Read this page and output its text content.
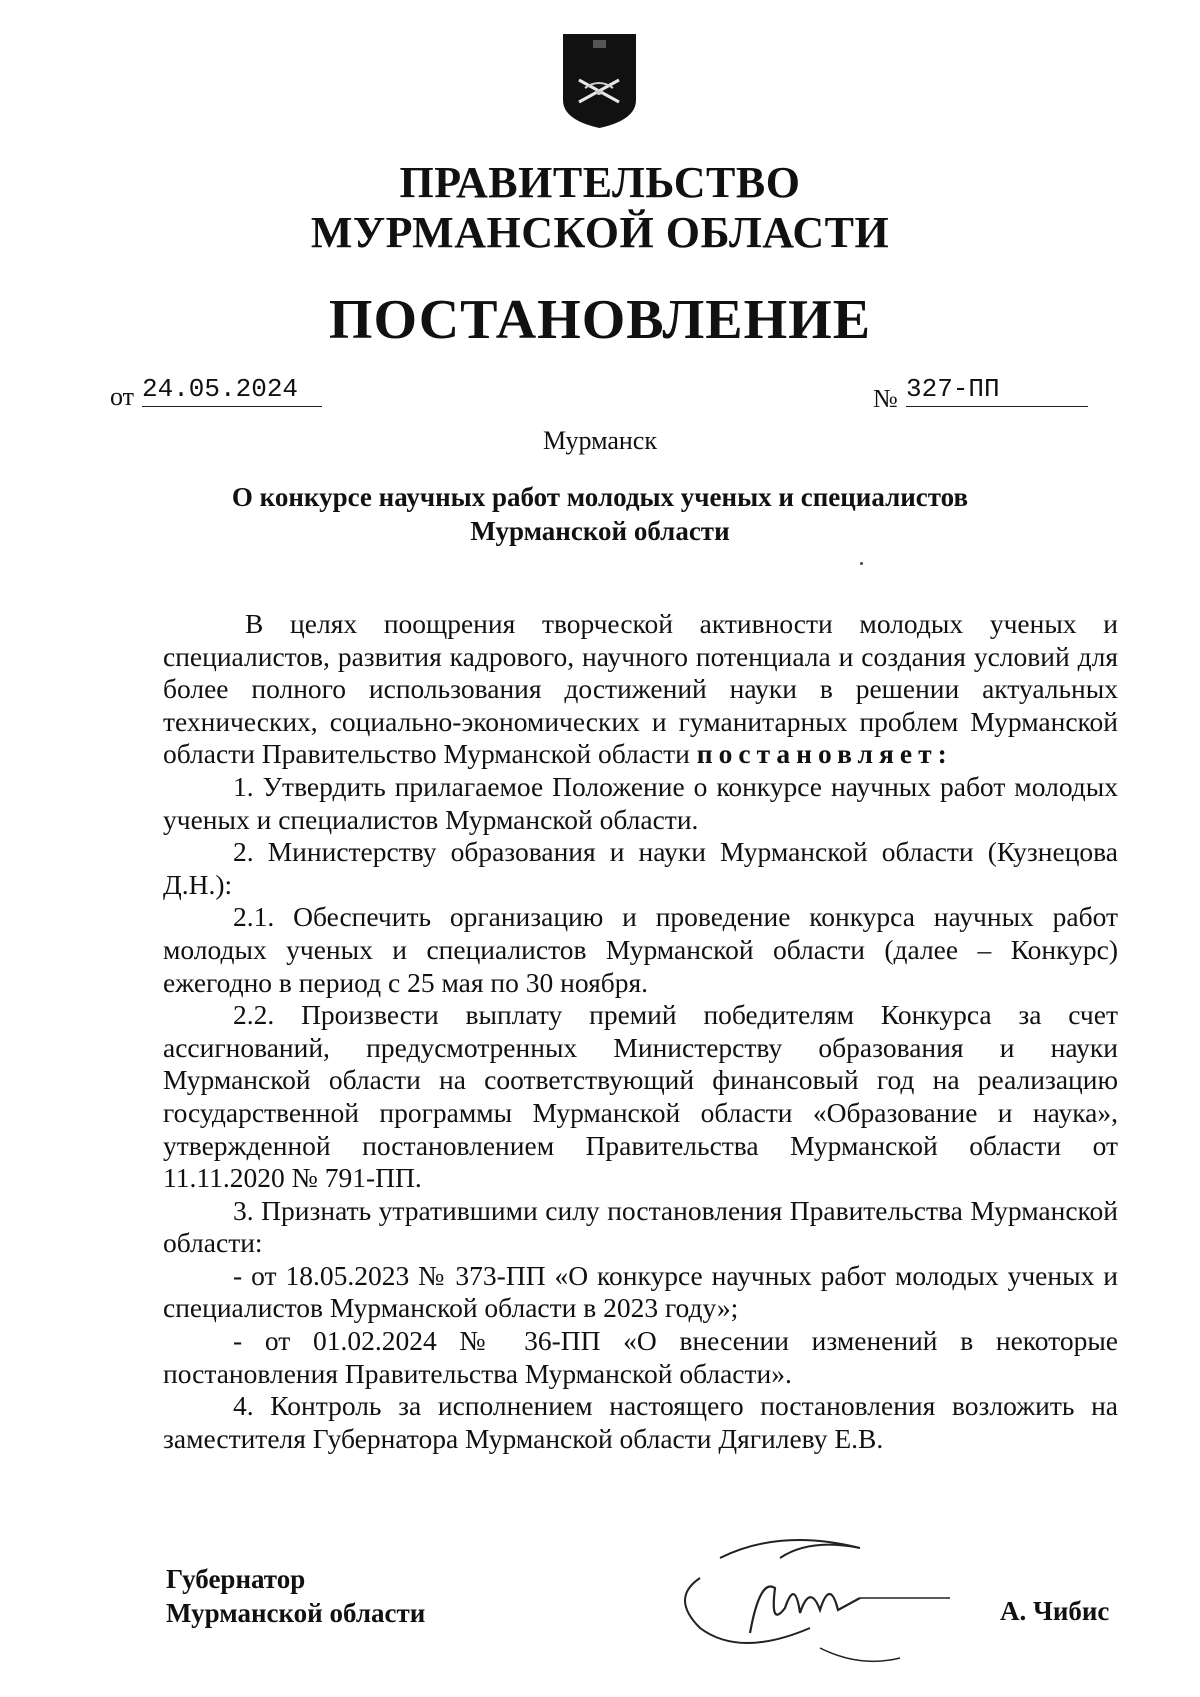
ПРАВИТЕЛЬСТВО
МУРМАНСКОЙ ОБЛАСТИ
ПОСТАНОВЛЕНИЕ
от 24.05.2024	№ 327-ПП
Мурманск
О конкурсе научных работ молодых ученых и специалистов
Мурманской области

В целях поощрения творческой активности молодых ученых и специалистов, развития кадрового, научного потенциала и создания условий для более полного использования достижений науки в решении актуальных технических, социально-экономических и гуманитарных проблем Мурманской области Правительство Мурманской области постановляет:

1. Утвердить прилагаемое Положение о конкурсе научных работ молодых ученых и специалистов Мурманской области.

2. Министерству образования и науки Мурманской области (Кузнецова Д.Н.):

2.1. Обеспечить организацию и проведение конкурса научных работ молодых ученых и специалистов Мурманской области (далее – Конкурс) ежегодно в период с 25 мая по 30 ноября.

2.2. Произвести выплату премий победителям Конкурса за счет ассигнований, предусмотренных Министерству образования и науки Мурманской области на соответствующий финансовый год на реализацию государственной программы Мурманской области «Образование и наука», утвержденной постановлением Правительства Мурманской области от 11.11.2020 № 791-ПП.

3. Признать утратившими силу постановления Правительства Мурманской области:

- от 18.05.2023 № 373-ПП «О конкурсе научных работ молодых ученых и специалистов Мурманской области в 2023 году»;

- от 01.02.2024 № 36-ПП «О внесении изменений в некоторые постановления Правительства Мурманской области».

4. Контроль за исполнением настоящего постановления возложить на заместителя Губернатора Мурманской области Дягилеву Е.В.

Губернатор
Мурманской области	А. Чибис
